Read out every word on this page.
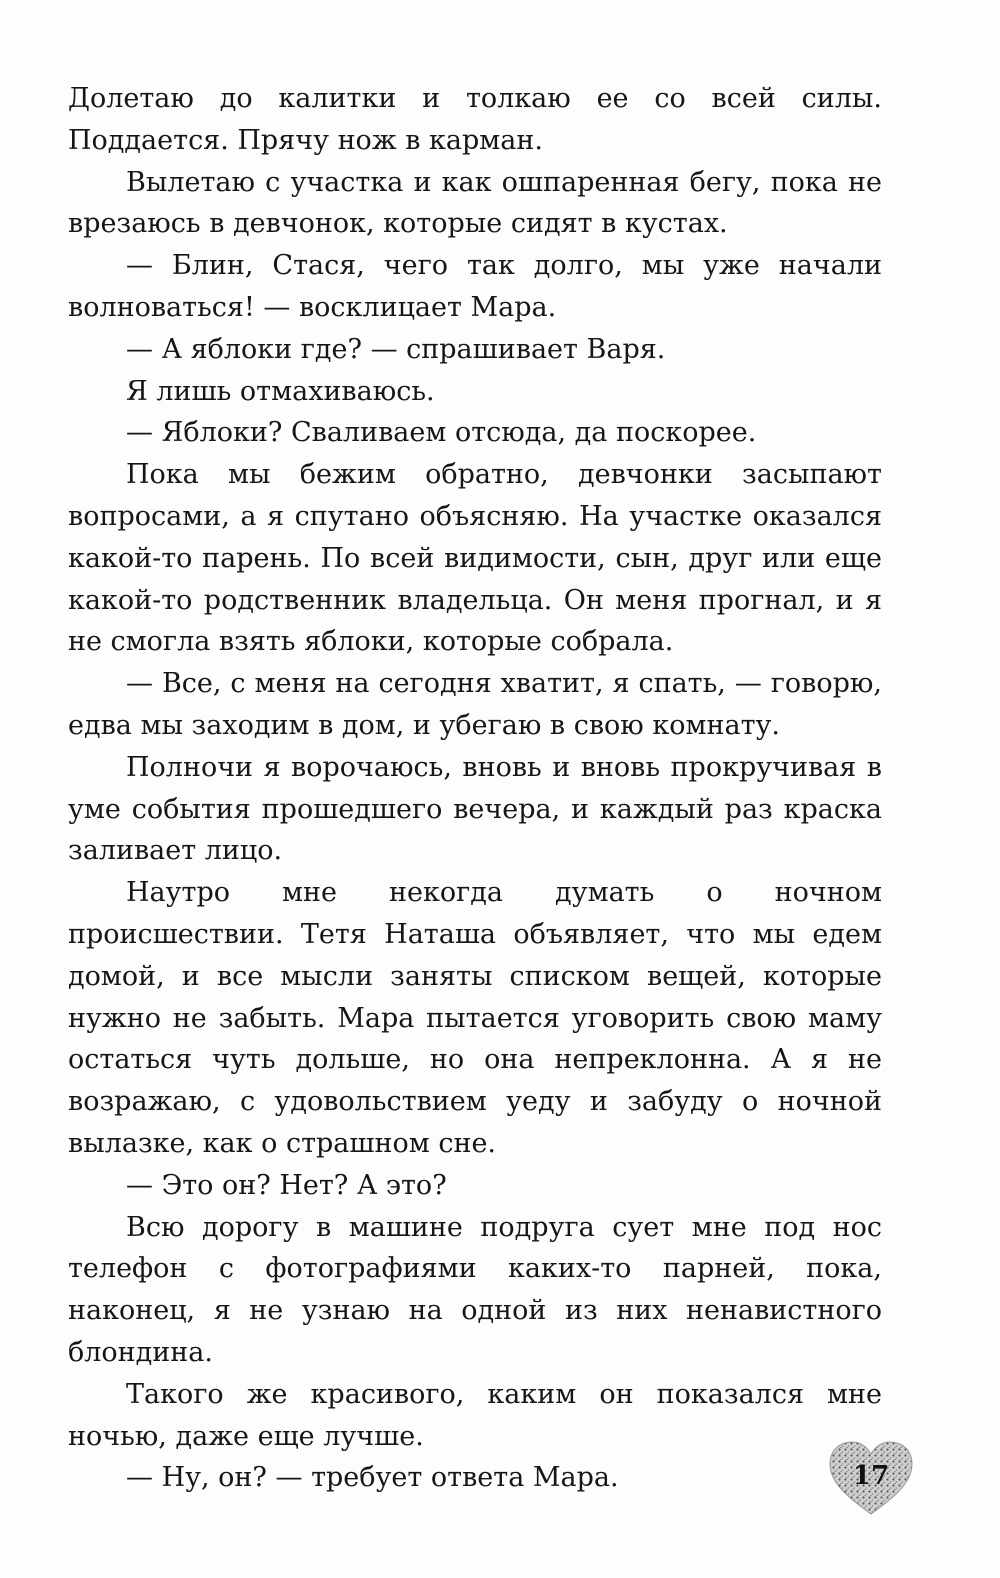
Долетаю до калитки и толкаю ее со всей силы. Поддается. Прячу нож в карман.

Вылетаю с участка и как ошпаренная бегу, пока не врезаюсь в девчонок, которые сидят в кустах.

— Блин, Стася, чего так долго, мы уже начали волноваться! — восклицает Мара.

— А яблоки где? — спрашивает Варя.

Я лишь отмахиваюсь.

— Яблоки? Сваливаем отсюда, да поскорее.

Пока мы бежим обратно, девчонки засыпают вопросами, а я спутано объясняю. На участке оказался какой-то парень. По всей видимости, сын, друг или еще какой-то родственник владельца. Он меня прогнал, и я не смогла взять яблоки, которые собрала.

— Все, с меня на сегодня хватит, я спать, — говорю, едва мы заходим в дом, и убегаю в свою комнату.

Полночи я ворочаюсь, вновь и вновь прокручивая в уме события прошедшего вечера, и каждый раз краска заливает лицо.

Наутро мне некогда думать о ночном происшествии. Тетя Наташа объявляет, что мы едем домой, и все мысли заняты списком вещей, которые нужно не забыть. Мара пытается уговорить свою маму остаться чуть дольше, но она непреклонна. А я не возражаю, с удовольствием уеду и забуду о ночной вылазке, как о страшном сне.

— Это он? Нет? А это?

Всю дорогу в машине подруга сует мне под нос телефон с фотографиями каких-то парней, пока, наконец, я не узнаю на одной из них ненавистного блондина.

Такого же красивого, каким он показался мне ночью, даже еще лучше.

— Ну, он? — требует ответа Мара.	17
